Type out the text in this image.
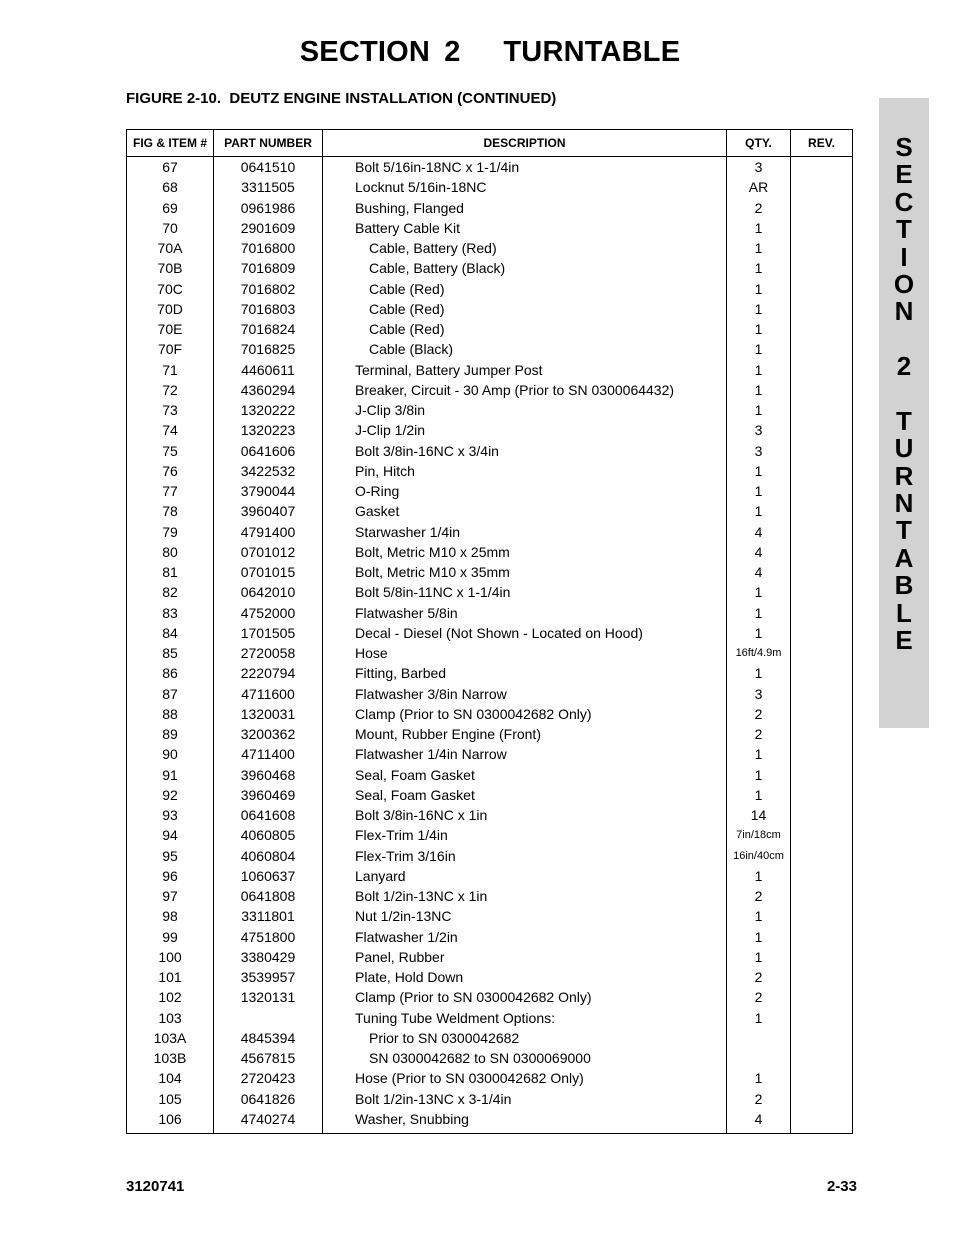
SECTION 2   TURNTABLE
FIGURE 2-10.  DEUTZ ENGINE INSTALLATION (CONTINUED)
S
E
C
T
I
O
N
2
T
U
R
N
T
A
B
L
E
FIG & ITEM #	PART NUMBER	DESCRIPTION	QTY.	REV.
67	0641510	Bolt 5/16in-18NC x 1-1/4in	3	
68	3311505	Locknut 5/16in-18NC	AR	
69	0961986	Bushing, Flanged	2	
70	2901609	Battery Cable Kit	1	
70A	7016800	Cable, Battery (Red)	1	
70B	7016809	Cable, Battery (Black)	1	
70C	7016802	Cable (Red)	1	
70D	7016803	Cable (Red)	1	
70E	7016824	Cable (Red)	1	
70F	7016825	Cable (Black)	1	
71	4460611	Terminal, Battery Jumper Post	1	
72	4360294	Breaker, Circuit - 30 Amp (Prior to SN 0300064432)	1	
73	1320222	J-Clip 3/8in	1	
74	1320223	J-Clip 1/2in	3	
75	0641606	Bolt 3/8in-16NC x 3/4in	3	
76	3422532	Pin, Hitch	1	
77	3790044	O-Ring	1	
78	3960407	Gasket	1	
79	4791400	Starwasher 1/4in	4	
80	0701012	Bolt, Metric M10 x 25mm	4	
81	0701015	Bolt, Metric M10 x 35mm	4	
82	0642010	Bolt 5/8in-11NC x 1-1/4in	1	
83	4752000	Flatwasher 5/8in	1	
84	1701505	Decal - Diesel (Not Shown - Located on Hood)	1	
85	2720058	Hose	16ft/4.9m	
86	2220794	Fitting, Barbed	1	
87	4711600	Flatwasher 3/8in Narrow	3	
88	1320031	Clamp (Prior to SN 0300042682 Only)	2	
89	3200362	Mount, Rubber Engine (Front)	2	
90	4711400	Flatwasher 1/4in Narrow	1	
91	3960468	Seal, Foam Gasket	1	
92	3960469	Seal, Foam Gasket	1	
93	0641608	Bolt 3/8in-16NC x 1in	14	
94	4060805	Flex-Trim 1/4in	7in/18cm	
95	4060804	Flex-Trim 3/16in	16in/40cm	
96	1060637	Lanyard	1	
97	0641808	Bolt 1/2in-13NC x 1in	2	
98	3311801	Nut 1/2in-13NC	1	
99	4751800	Flatwasher 1/2in	1	
100	3380429	Panel, Rubber	1	
101	3539957	Plate, Hold Down	2	
102	1320131	Clamp (Prior to SN 0300042682 Only)	2	
103		Tuning Tube Weldment Options:	1	
103A	4845394	Prior to SN 0300042682		
103B	4567815	SN 0300042682 to SN 0300069000		
104	2720423	Hose (Prior to SN 0300042682 Only)	1	
105	0641826	Bolt 1/2in-13NC x 3-1/4in	2	
106	4740274	Washer, Snubbing	4	
3120741	2-33
